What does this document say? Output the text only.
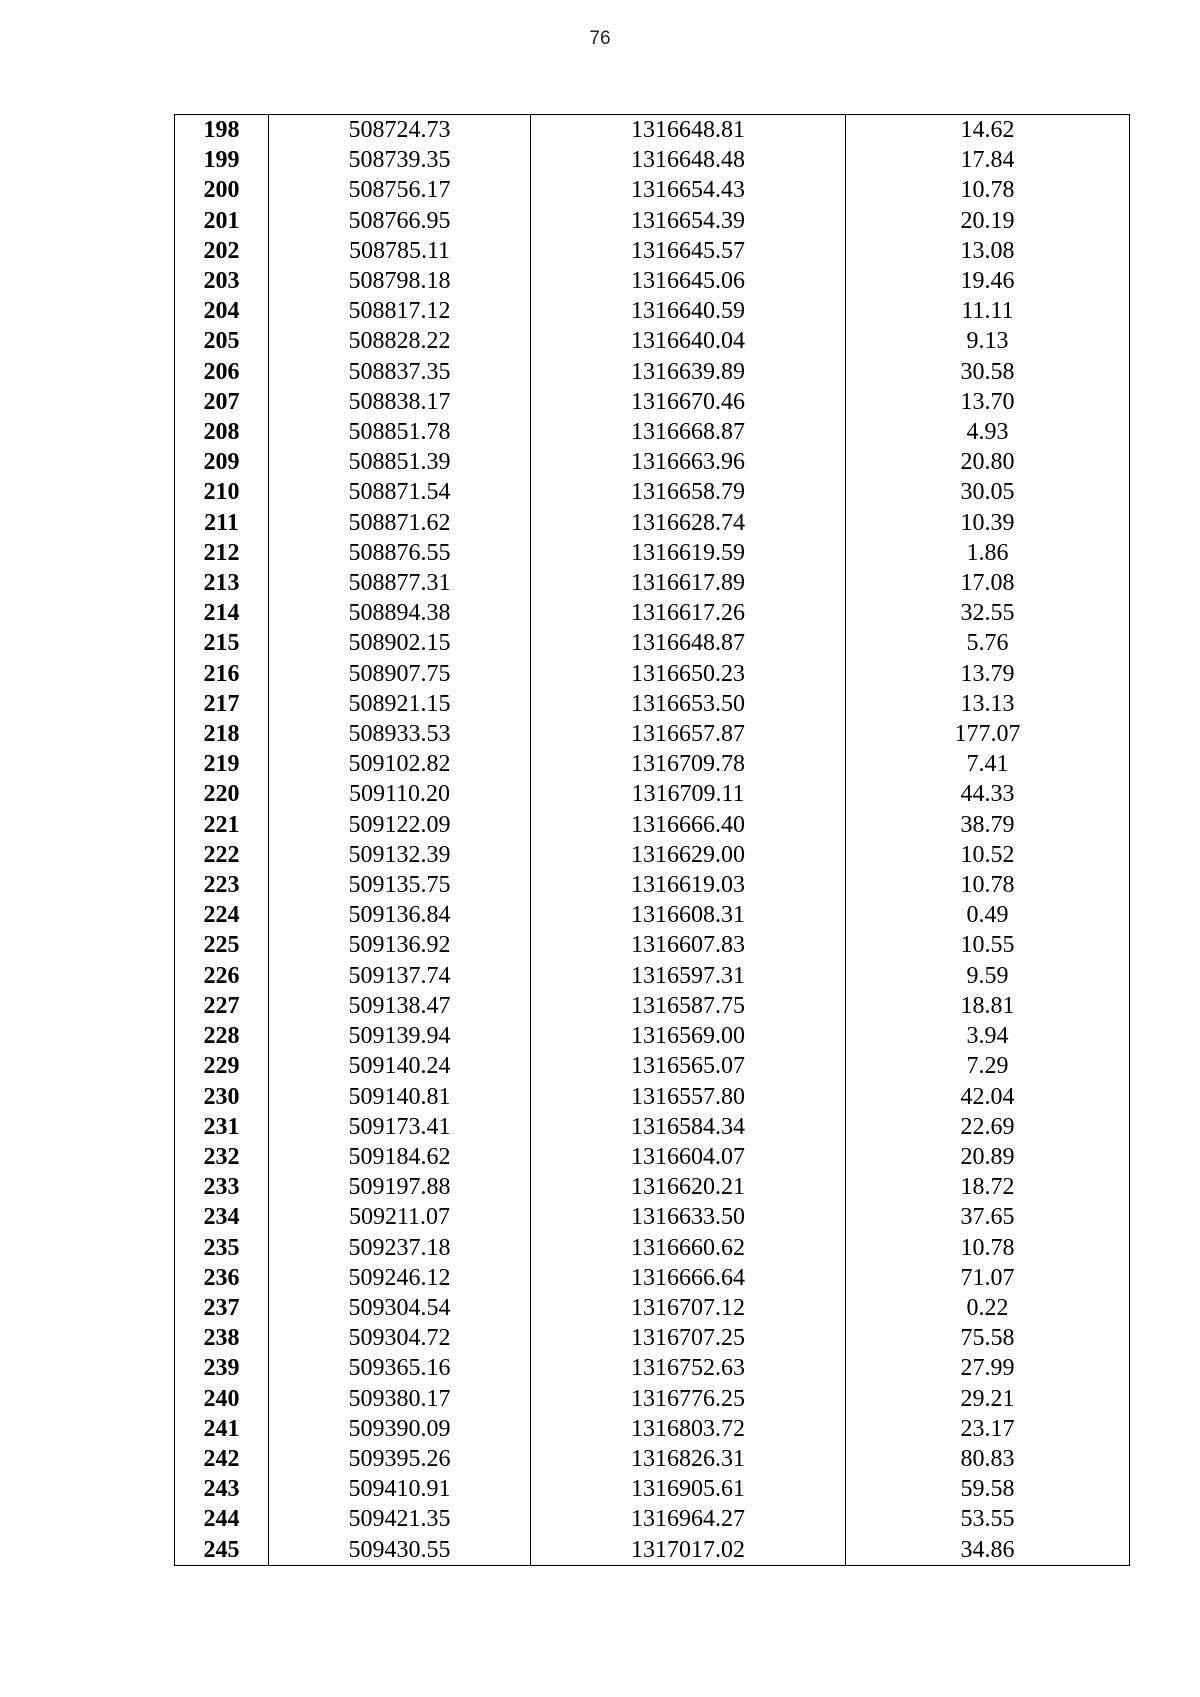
76
198	508724.73	1316648.81	14.62
199	508739.35	1316648.48	17.84
200	508756.17	1316654.43	10.78
201	508766.95	1316654.39	20.19
202	508785.11	1316645.57	13.08
203	508798.18	1316645.06	19.46
204	508817.12	1316640.59	11.11
205	508828.22	1316640.04	9.13
206	508837.35	1316639.89	30.58
207	508838.17	1316670.46	13.70
208	508851.78	1316668.87	4.93
209	508851.39	1316663.96	20.80
210	508871.54	1316658.79	30.05
211	508871.62	1316628.74	10.39
212	508876.55	1316619.59	1.86
213	508877.31	1316617.89	17.08
214	508894.38	1316617.26	32.55
215	508902.15	1316648.87	5.76
216	508907.75	1316650.23	13.79
217	508921.15	1316653.50	13.13
218	508933.53	1316657.87	177.07
219	509102.82	1316709.78	7.41
220	509110.20	1316709.11	44.33
221	509122.09	1316666.40	38.79
222	509132.39	1316629.00	10.52
223	509135.75	1316619.03	10.78
224	509136.84	1316608.31	0.49
225	509136.92	1316607.83	10.55
226	509137.74	1316597.31	9.59
227	509138.47	1316587.75	18.81
228	509139.94	1316569.00	3.94
229	509140.24	1316565.07	7.29
230	509140.81	1316557.80	42.04
231	509173.41	1316584.34	22.69
232	509184.62	1316604.07	20.89
233	509197.88	1316620.21	18.72
234	509211.07	1316633.50	37.65
235	509237.18	1316660.62	10.78
236	509246.12	1316666.64	71.07
237	509304.54	1316707.12	0.22
238	509304.72	1316707.25	75.58
239	509365.16	1316752.63	27.99
240	509380.17	1316776.25	29.21
241	509390.09	1316803.72	23.17
242	509395.26	1316826.31	80.83
243	509410.91	1316905.61	59.58
244	509421.35	1316964.27	53.55
245	509430.55	1317017.02	34.86
